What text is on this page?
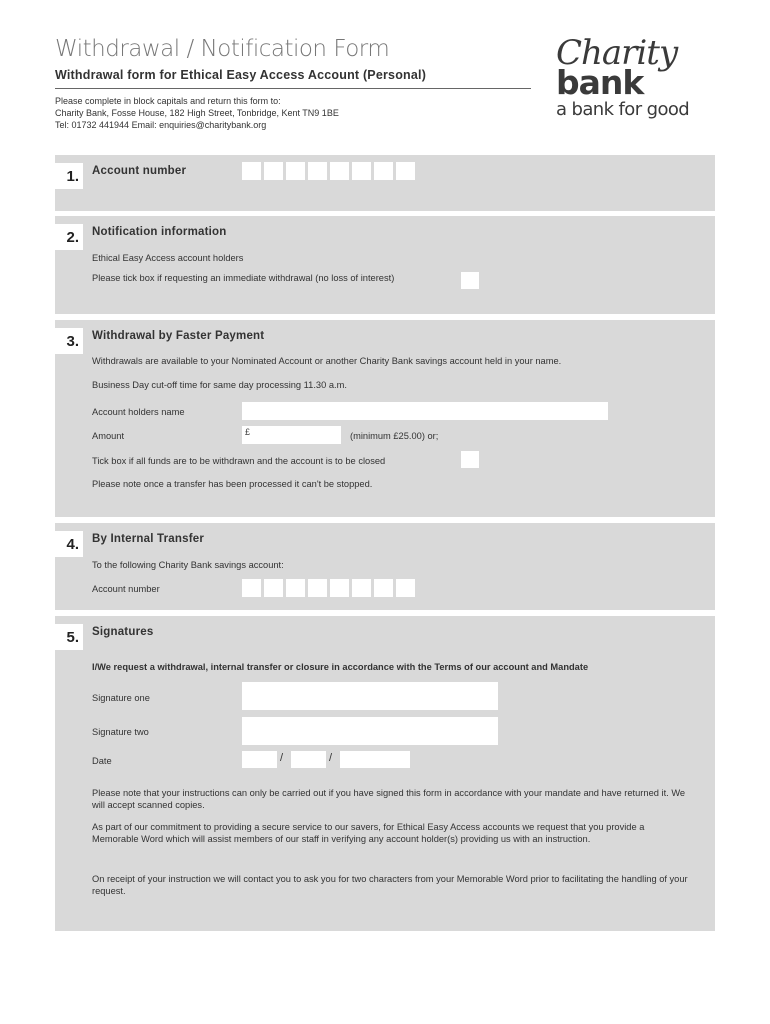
Withdrawal / Notification Form
Withdrawal form for Ethical Easy Access Account (Personal)
Please complete in block capitals and return this form to:
Charity Bank, Fosse House, 182 High Street, Tonbridge, Kent TN9 1BE
Tel: 01732 441944 Email: enquiries@charitybank.org
Charity
bank
a bank for good
1.	Account number
2.	Notification information
Ethical Easy Access account holders
Please tick box if requesting an immediate withdrawal (no loss of interest)
3.	Withdrawal by Faster Payment
Withdrawals are available to your Nominated Account or another Charity Bank savings account held in your name.
Business Day cut-off time for same day processing 11.30 a.m.
Account holders name
Amount	£	(minimum £25.00) or;
Tick box if all funds are to be withdrawn and the account is to be closed
Please note once a transfer has been processed it can't be stopped.
4.	By Internal Transfer
To the following Charity Bank savings account:
Account number
5.	Signatures
I/We request a withdrawal, internal transfer or closure in accordance with the Terms of our account and Mandate
Signature one
Signature two
Date	/	/
Please note that your instructions can only be carried out if you have signed this form in accordance with your mandate and have returned it. We will accept scanned copies.
As part of our commitment to providing a secure service to our savers, for Ethical Easy Access accounts we request that you provide a Memorable Word which will assist members of our staff in verifying any account holder(s) providing us with an instruction.
On receipt of your instruction we will contact you to ask you for two characters from your Memorable Word prior to facilitating the handling of your request.
